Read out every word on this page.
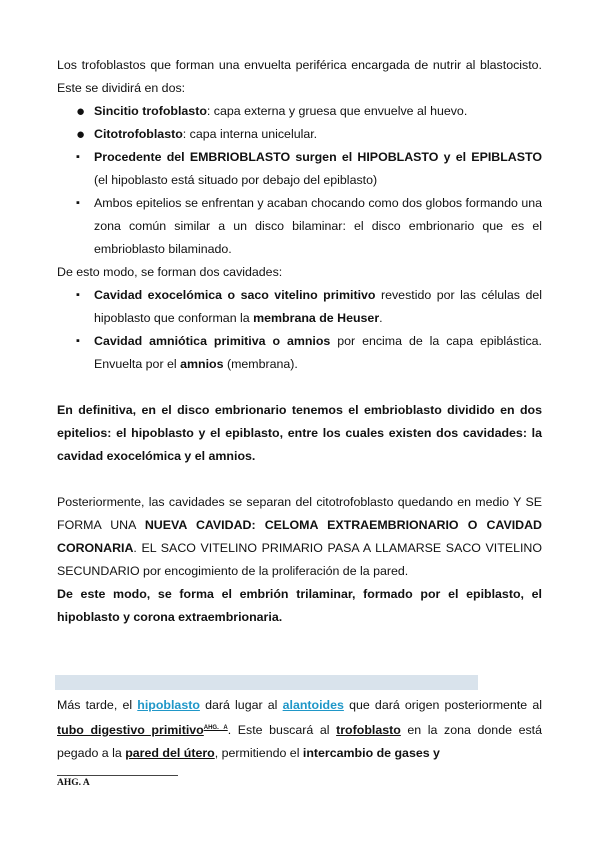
Los trofoblastos que forman una envuelta periférica encargada de nutrir al blastocisto. Este se dividirá en dos:

● Sincitio trofoblasto: capa externa y gruesa que envuelve al huevo.
● Citotrofoblasto: capa interna unicelular.
▪ Procedente del EMBRIOBLASTO surgen el HIPOBLASTO y el EPIBLASTO (el hipoblasto está situado por debajo del epiblasto)
▪ Ambos epitelios se enfrentan y acaban chocando como dos globos formando una zona común similar a un disco bilaminar: el disco embrionario que es el embrioblasto bilaminado.

De esto modo, se forman dos cavidades:

▪ Cavidad exocelómica o saco vitelino primitivo revestido por las células del hipoblasto que conforman la membrana de Heuser.
▪ Cavidad amniótica primitiva o amnios por encima de la capa epiblástica. Envuelta por el amnios (membrana).

En definitiva, en el disco embrionario tenemos el embrioblasto dividido en dos epitelios: el hipoblasto y el epiblasto, entre los cuales existen dos cavidades: la cavidad exocelómica y el amnios.

Posteriormente, las cavidades se separan del citotrofoblasto quedando en medio Y SE FORMA UNA NUEVA CAVIDAD: CELOMA EXTRAEMBRIONARIO O CAVIDAD CORONARIA. EL SACO VITELINO PRIMARIO PASA A LLAMARSE SACO VITELINO SECUNDARIO por encogimiento de la proliferación de la pared.

De este modo, se forma el embrión trilaminar, formado por el epiblasto, el hipoblasto y corona extraembrionaria.

Más tarde, el hipoblasto dará lugar al alantoides que dará origen posteriormente al tubo digestivo primitivo$^{AHG. A}$. Este buscará al trofoblasto en la zona donde está pegado a la pared del útero, permitiendo el intercambio de gases y

AHG. A
